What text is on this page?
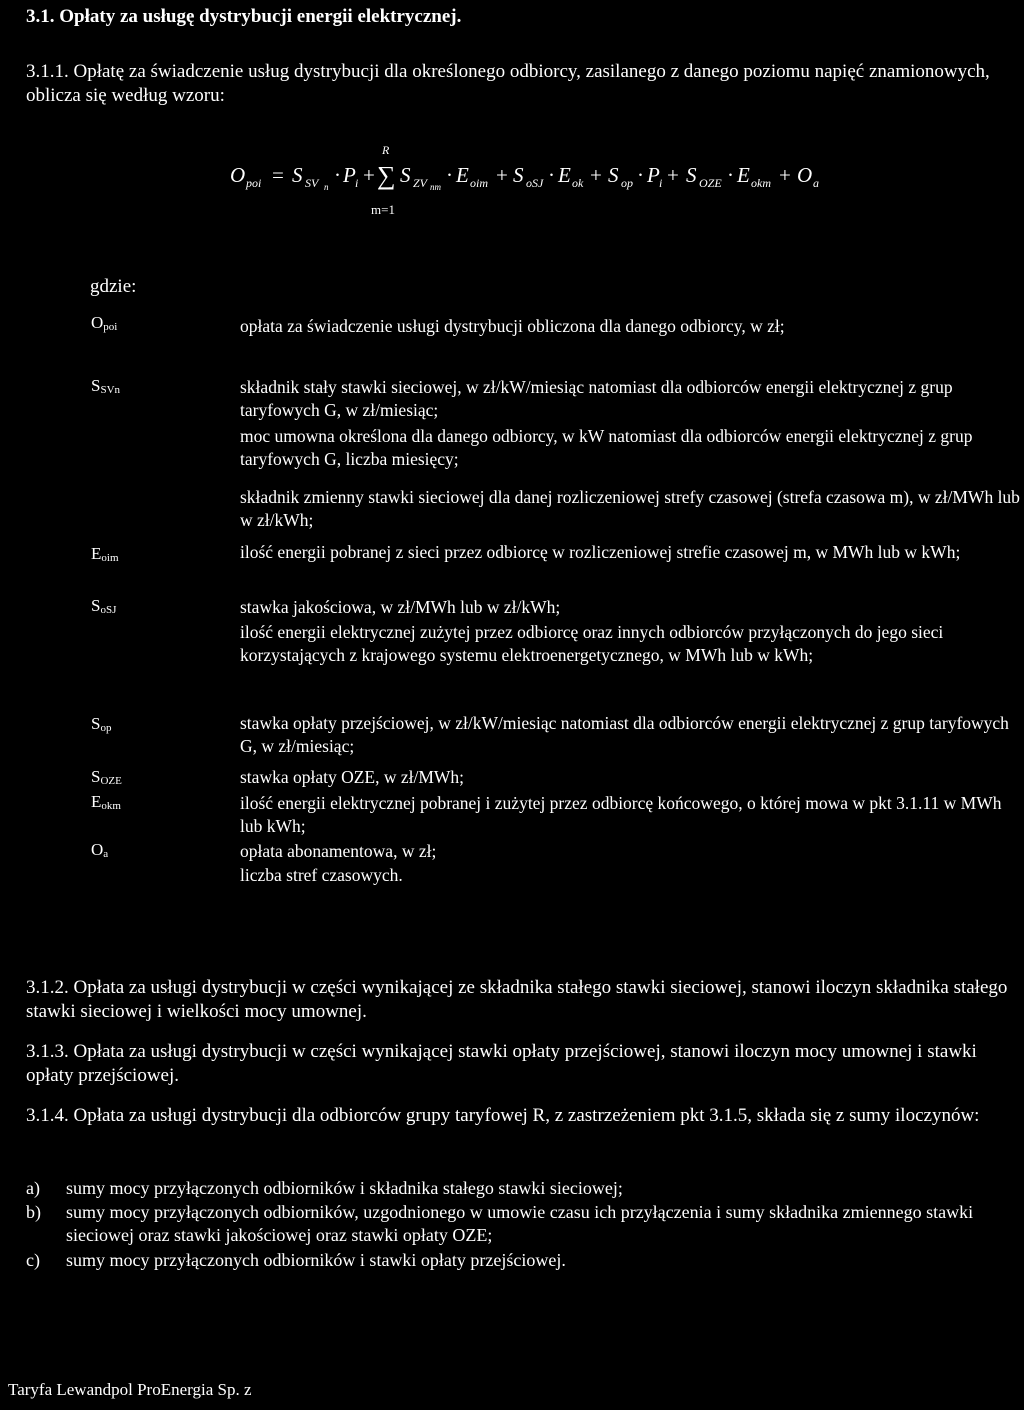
3.1. Opłaty za usługę dystrybucji energii elektrycznej.
3.1.1. Opłatę za świadczenie usług dystrybucji dla określonego odbiorcy, zasilanego z danego poziomu napięć znamionowych, oblicza się według wzoru:
O poi = S SV n · P i +
R
∑
m=1
S ZV nm · E oim + S oSJ · E ok + S op · P i + S OZE · E okm + O a
gdzie:
$O_{poi}$
$S_{SVn}$
$E_{oim}$
$S_{oSJ}$
$S_{op}$
$S_{OZE}$
$E_{okm}$
$O_a$
opłata za świadczenie usługi dystrybucji obliczona dla danego odbiorcy, w zł;
składnik stały stawki sieciowej, w zł/kW/miesiąc natomiast dla odbiorców energii elektrycznej z grup taryfowych G, w zł/miesiąc;
moc umowna określona dla danego odbiorcy, w kW natomiast dla odbiorców energii elektrycznej z grup taryfowych G, liczba miesięcy;
składnik zmienny stawki sieciowej dla danej rozliczeniowej strefy czasowej (strefa czasowa m), w zł/MWh lub w zł/kWh;
ilość energii pobranej z sieci przez odbiorcę w rozliczeniowej strefie czasowej m, w MWh lub w kWh;
stawka jakościowa, w zł/MWh lub w zł/kWh;
ilość energii elektrycznej zużytej przez odbiorcę oraz innych odbiorców przyłączonych do jego sieci korzystających z krajowego systemu elektroenergetycznego, w MWh lub w kWh;
stawka opłaty przejściowej, w zł/kW/miesiąc natomiast dla odbiorców energii elektrycznej z grup taryfowych G, w zł/miesiąc;
stawka opłaty OZE, w zł/MWh;
ilość energii elektrycznej pobranej i zużytej przez odbiorcę końcowego, o której mowa w pkt 3.1.11 w MWh lub kWh;
opłata abonamentowa, w zł;
liczba stref czasowych.
3.1.2. Opłata za usługi dystrybucji w części wynikającej ze składnika stałego stawki sieciowej, stanowi iloczyn składnika stałego stawki sieciowej i wielkości mocy umownej.
3.1.3. Opłata za usługi dystrybucji w części wynikającej stawki opłaty przejściowej, stanowi iloczyn mocy umownej i stawki opłaty przejściowej.
3.1.4. Opłata za usługi dystrybucji dla odbiorców grupy taryfowej R, z zastrzeżeniem pkt 3.1.5, składa się z sumy iloczynów:
a) sumy mocy przyłączonych odbiorników i składnika stałego stawki sieciowej;
b) sumy mocy przyłączonych odbiorników, uzgodnionego w umowie czasu ich przyłączenia i sumy składnika zmiennego stawki sieciowej oraz stawki jakościowej oraz stawki opłaty OZE;
c) sumy mocy przyłączonych odbiorników i stawki opłaty przejściowej.
Taryfa Lewandpol ProEnergia Sp. z
